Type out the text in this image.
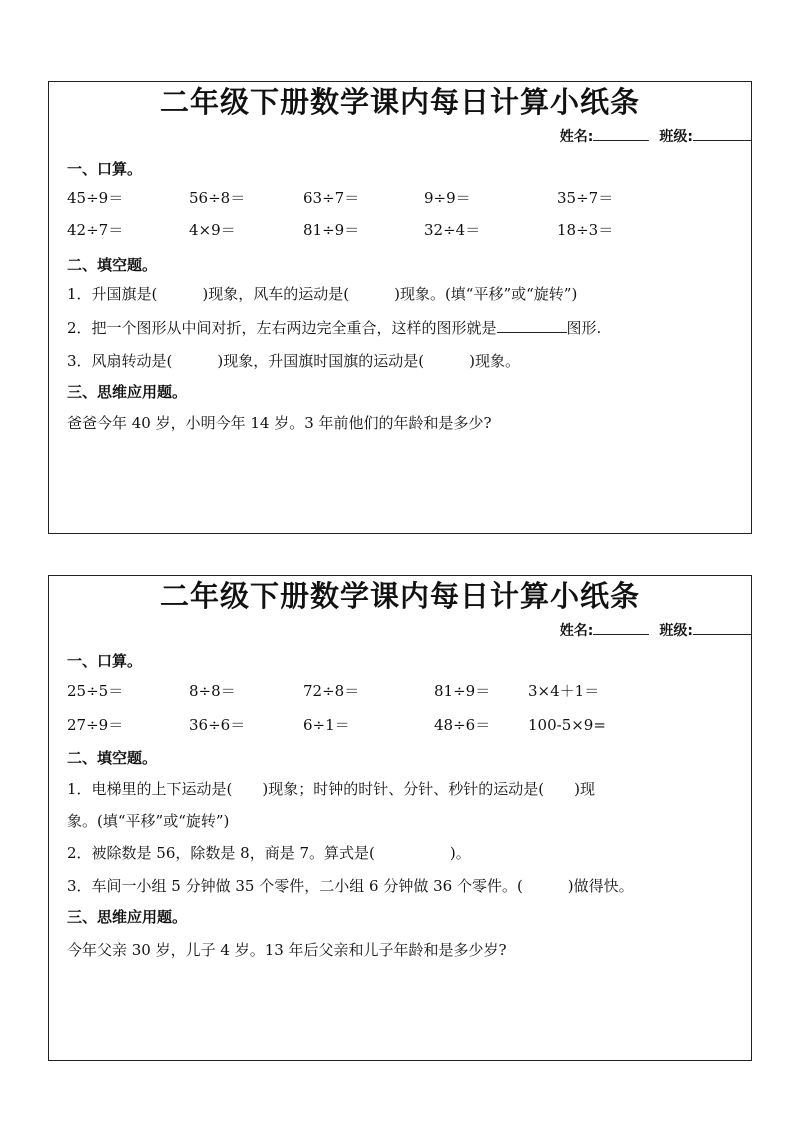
二年级下册数学课内每日计算小纸条
姓名:	班级:
一、口算。
45÷9＝	56÷8＝	63÷7＝	9÷9＝	35÷7＝
42÷7＝	4×9＝	81÷9＝	32÷4＝	18÷3＝
二、填空题。
1．升国旗是(　　　)现象，风车的运动是(　　　)现象。(填“平移”或“旋转”)
2．把一个图形从中间对折，左右两边完全重合，这样的图形就是	图形.
3．风扇转动是(　　　)现象，升国旗时国旗的运动是(　　　)现象。
三、思维应用题。
爸爸今年 40 岁，小明今年 14 岁。3 年前他们的年龄和是多少?
二年级下册数学课内每日计算小纸条
姓名:	班级:
一、口算。
25÷5＝	8÷8＝	72÷8＝	81÷9＝	3×4＋1＝
27÷9＝	36÷6＝	6÷1＝	48÷6＝	100-5×9=
二、填空题。
1．电梯里的上下运动是(　　)现象；时钟的时针、分针、秒针的运动是(　　)现
象。(填“平移”或“旋转”)
2．被除数是 56，除数是 8，商是 7。算式是(　　　　　)。
3．车间一小组 5 分钟做 35 个零件，二小组 6 分钟做 36 个零件。(　　　)做得快。
三、思维应用题。
今年父亲 30 岁，儿子 4 岁。13 年后父亲和儿子年龄和是多少岁?
